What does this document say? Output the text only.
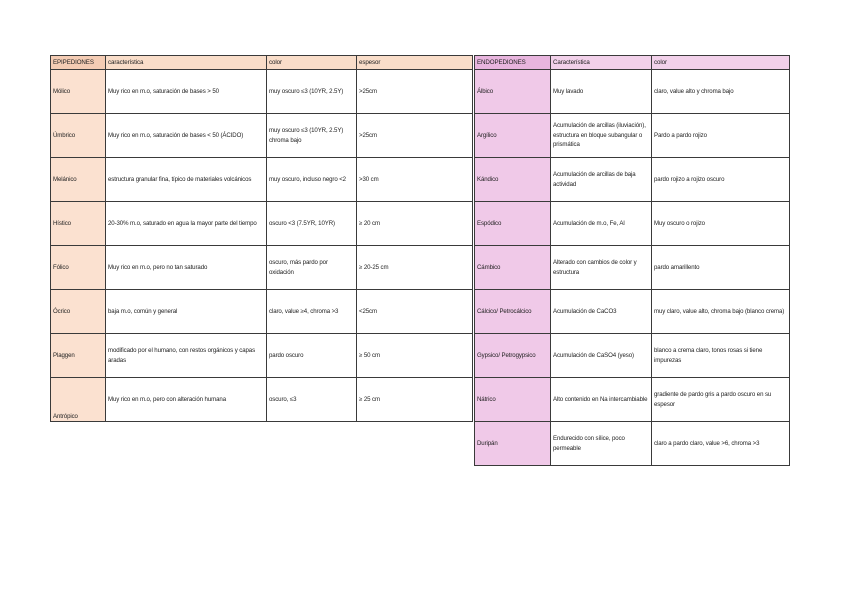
EPIPEDIONES	característica	color	espesor
Mólico	Muy rico en m.o, saturación de bases > 50	muy oscuro ≤3 (10YR, 2.5Y)	>25cm
Úmbrico	Muy rico en m.o, saturación de bases < 50 (ÁCIDO)	muy oscuro ≤3 (10YR, 2.5Y) chroma bajo	>25cm
Melánico	estructura granular fina, típico de materiales volcánicos	muy oscuro, incluso negro <2	>30 cm
Hístico	20-30% m.o, saturado en agua la mayor parte del tiempo	oscuro <3 (7.5YR, 10YR)	≥ 20 cm
Fólico	Muy rico en m.o, pero no tan saturado	oscuro, más pardo por oxidación	≥ 20-25 cm
Ócrico	baja m.o, común y general	claro, value ≥4, chroma >3	<25cm
Plaggen	modificado por el humano, con restos orgánicos y capas aradas	pardo oscuro	≥ 50 cm
Antrópico	Muy rico en m.o, pero con alteración humana	oscuro, ≤3	≥ 25 cm
ENDOPEDIONES	Característica	color
Álbico	Muy lavado	claro, value alto y chroma bajo
Argílico	Acumulación de arcillas (iluviación), estructura en bloque subangular o prismática	Pardo a pardo rojizo
Kándico	Acumulación de arcillas de baja actividad	pardo rojizo a rojizo oscuro
Espódico	Acumulación de m.o, Fe, Al	Muy oscuro o rojizo
Cámbico	Alterado con cambios de color y estructura	pardo amarillento
Cálcico/ Petrocálcico	Acumulación de CaCO3	muy claro, value alto, chroma bajo (blanco crema)
Gypsico/ Petrogypsico	Acumulación de CaSO4 (yeso)	blanco a crema claro, tonos rosas si tiene impurezas
Nátrico	Alto contenido en Na intercambiable	gradiente de pardo gris a pardo oscuro en su espesor
Duripán	Endurecido con sílice, poco permeable	claro a pardo claro, value >6, chroma >3
